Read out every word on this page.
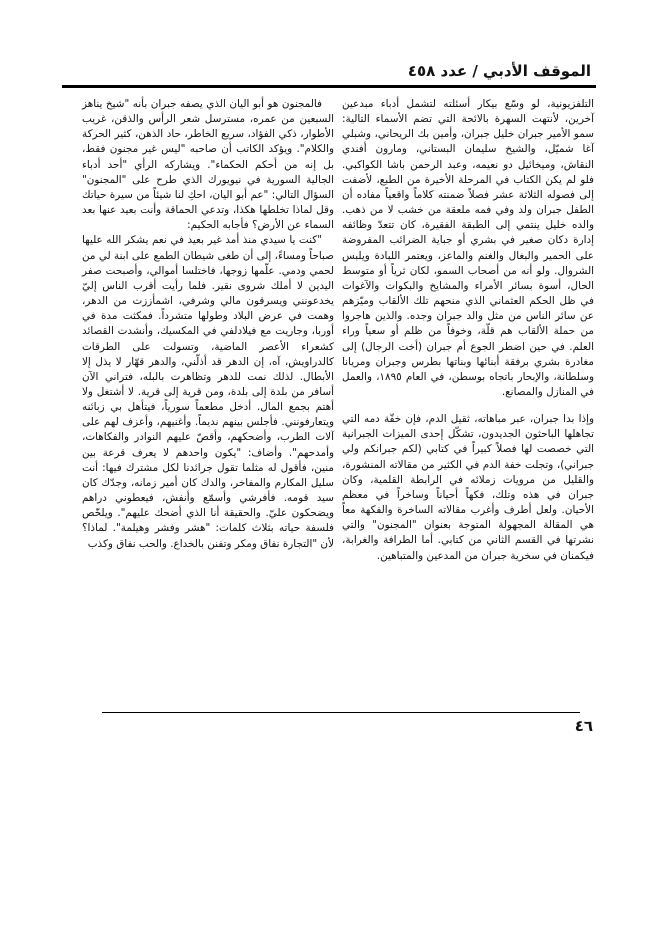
الموقف الأدبي / عدد ٤٥٨

التلفزيونية، لو وسّع بيكار أسئلته لتشمل أدباء مبدعين آخرين، لأنتهت السهرة بالائحة التي تضم الأسماء التالية: سمو الأمير جبران خليل جبران، وأمين بك الريحاني، وشبلي آغا شميّل، والشيخ سليمان البستاني، ومارون أفندي النقاش، وميخائيل دو نعيمه، وعبد الرحمن باشا الكواكبي. فلو لم يكن الكتاب في المرحلة الأخيرة من الطبع، لأضفت إلى فصوله الثلاثة عشر فصلاً ضمنته كلاماً واقعياً مفاده أن الطفل جبران ولد وفي فمه ملعقة من خشب لا من ذهب. والده خليل ينتمي إلى الطبقة الفقيرة، كان تتعدّ وظائفه إدارة دكان صغير في بشري أو جباية الضرائب المفروضة على الحمير والبغال والغنم والماعز، ويعتمر اللبادة ويلبس الشروال. ولو أنه من أصحاب السمو، لكان ثرياً أو متوسط الحال، أسوة بسائر الأمراء والمشايخ والبكوات والآغوات في ظل الحكم العثماني الذي منحهم تلك الألقاب وميّزهم عن سائر الناس من مثل والد جبران وجده. والذين هاجروا من حملة الألقاب هم قلّة، وخوفاً من ظلم أو سعياً وراء العلم. في حين اضطر الجوع أم جبران (أخت الرجال) إلى مغادرة بشري برفقة أبنائها وبناتها بطرس وجبران ومريانا وسلطانة، والإبحار باتجاه بوسطن، في العام ١٨٩٥، والعمل في المنازل والمصانع.

وإذا بدا جبران، عبر مباهاته، ثقيل الدم، فإن خفّة دمه التي تجاهلها الباحثون الجديدون، تشكّل إحدى الميزات الجبرانية التي خصصت لها فصلاً كبيراً في كتابي (لكم جبرانكم ولي جبراني)، وتجلت خفة الدم في الكثير من مقالاته المنشورة، والقليل من مرويات زملائه في الرابطة القلمية، وكان جبران في هذه وتلك، فكهاً أحياناً وساخراً في معظم الأحيان. ولعل أطرف وأغرب مقالاته الساخرة والفكهة معاً هي المقالة المجهولة المتوجة بعنوان "المجنون" والتي نشرتها في القسم الثاني من كتابي. أما الطرافة والغرابة، فيكمنان في سخرية جبران من المدعين والمتباهين.

فالمجنون هو أبو اليان الذي يصفه جبران بأنه "شيخ يناهز السبعين من عمره، مسترسل شعر الرأس والذقن، غريب الأطوار، ذكي الفؤاد، سريع الخاطر، حاد الذهن، كثير الحركة والكلام". ويؤكد الكاتب أن صاحبه "ليس غير مجنون فقط، بل إنه من أحكم الحكماء". ويشاركه الرأي "أحد أدباء الجالية السورية في نيويورك الذي طرح على "المجنون" السؤال التالي: "عم أبو اليان، احكِ لنا شيئاً من سيرة حياتك وقل لماذا تخلطها هكذا، وتدعي الحماقة وأنت بعيد عنها بعد السماء عن الأرض؟ فأجابه الحكيم:

"كنت يا سيدي منذ أمد غير بعيد في نعم يشكر الله عليها صباحاً ومساءً، إلى أن طغى شيطان الطمع على ابنة لي من لحمي ودمي. علّمها زوجها، فاختلسا أموالي، وأصبحت صفر اليدين لا أملك شروى نقير. فلما رأيت أقرب الناس إليّ يخدعونني ويسرقون مالي وشرفي، اشمأززت من الدهر، وهمت في عرض البلاد وطولها متشرداً. فمكثت مدة في أوربا، وجاريت مع فيلادلفي في المكسيك، وأنشدت القصائد كشعراء الأعصر الماضية، وتسولت على الطرقات كالدراويش، آه، إن الدهر قد أذلّني، والدهر قهّار لا يذل إلا الأبطال. لذلك نمت للدهر وتظاهرت بالبله، فتراني الآن أسافر من بلدة إلى بلدة، ومن قرية إلى قرية. لا أشتغل ولا أهتم بجمع المال. أدخل مطعماً سورياً، فيتأهل بي زبائنه ويتعارفونني. فأجلس بينهم نديماً. وأغنيهم، وأعزف لهم على آلات الطرب، وأضحكهم، وأقصّ عليهم النوادر والفكاهات، وأمدحهم". وأضاف: "يكون واحدهم لا يعرف قرعة بين منين، فأقول له مثلما تقول جرائدنا لكل مشترك فيها: أنت سليل المكارم والمفاخر، والدك كان أمير زمانه، وجدّك كان سيد قومه. فأفرشي وأسمّع وأنفش، فيعطوني دراهم ويضحكون عليّ. والحقيقة أنا الذي أضحك عليهم". ويلخّص فلسفة حياته بثلاث كلمات: "هشر وفشر وهيلمة". لماذا؟ لأن "التجارة نفاق ومكر وتفنن بالخداع. والحب نفاق وكذب

٤٦
